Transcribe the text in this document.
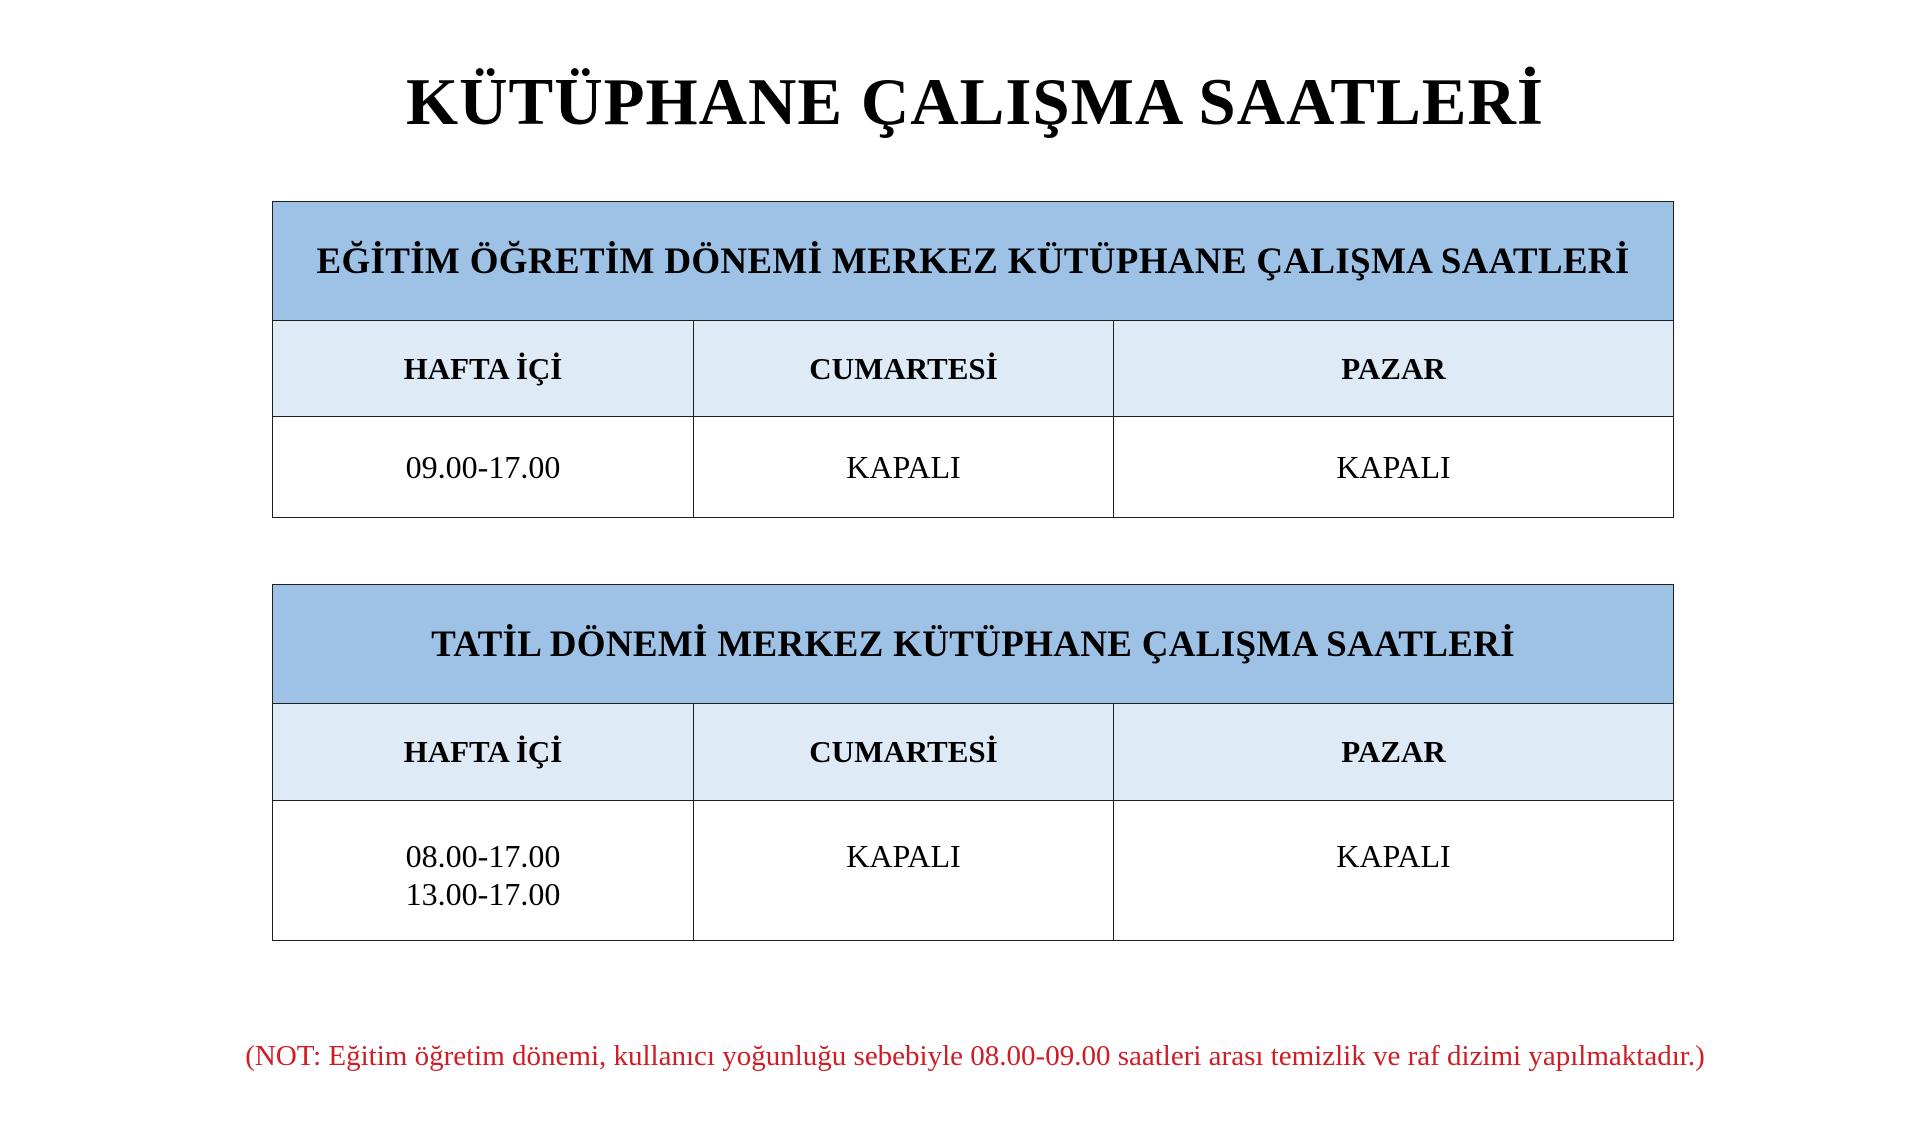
KÜTÜPHANE ÇALIŞMA SAATLERİ
EĞİTİM ÖĞRETİM DÖNEMİ MERKEZ KÜTÜPHANE ÇALIŞMA SAATLERİ		
HAFTA İÇİ	CUMARTESİ	PAZAR
09.00-17.00	KAPALI	KAPALI
TATİL DÖNEMİ MERKEZ KÜTÜPHANE ÇALIŞMA SAATLERİ		
HAFTA İÇİ	CUMARTESİ	PAZAR

08.00-17.00
13.00-17.00	KAPALI	KAPALI
(NOT: Eğitim öğretim dönemi, kullanıcı yoğunluğu sebebiyle 08.00-09.00 saatleri arası temizlik ve raf dizimi yapılmaktadır.)
